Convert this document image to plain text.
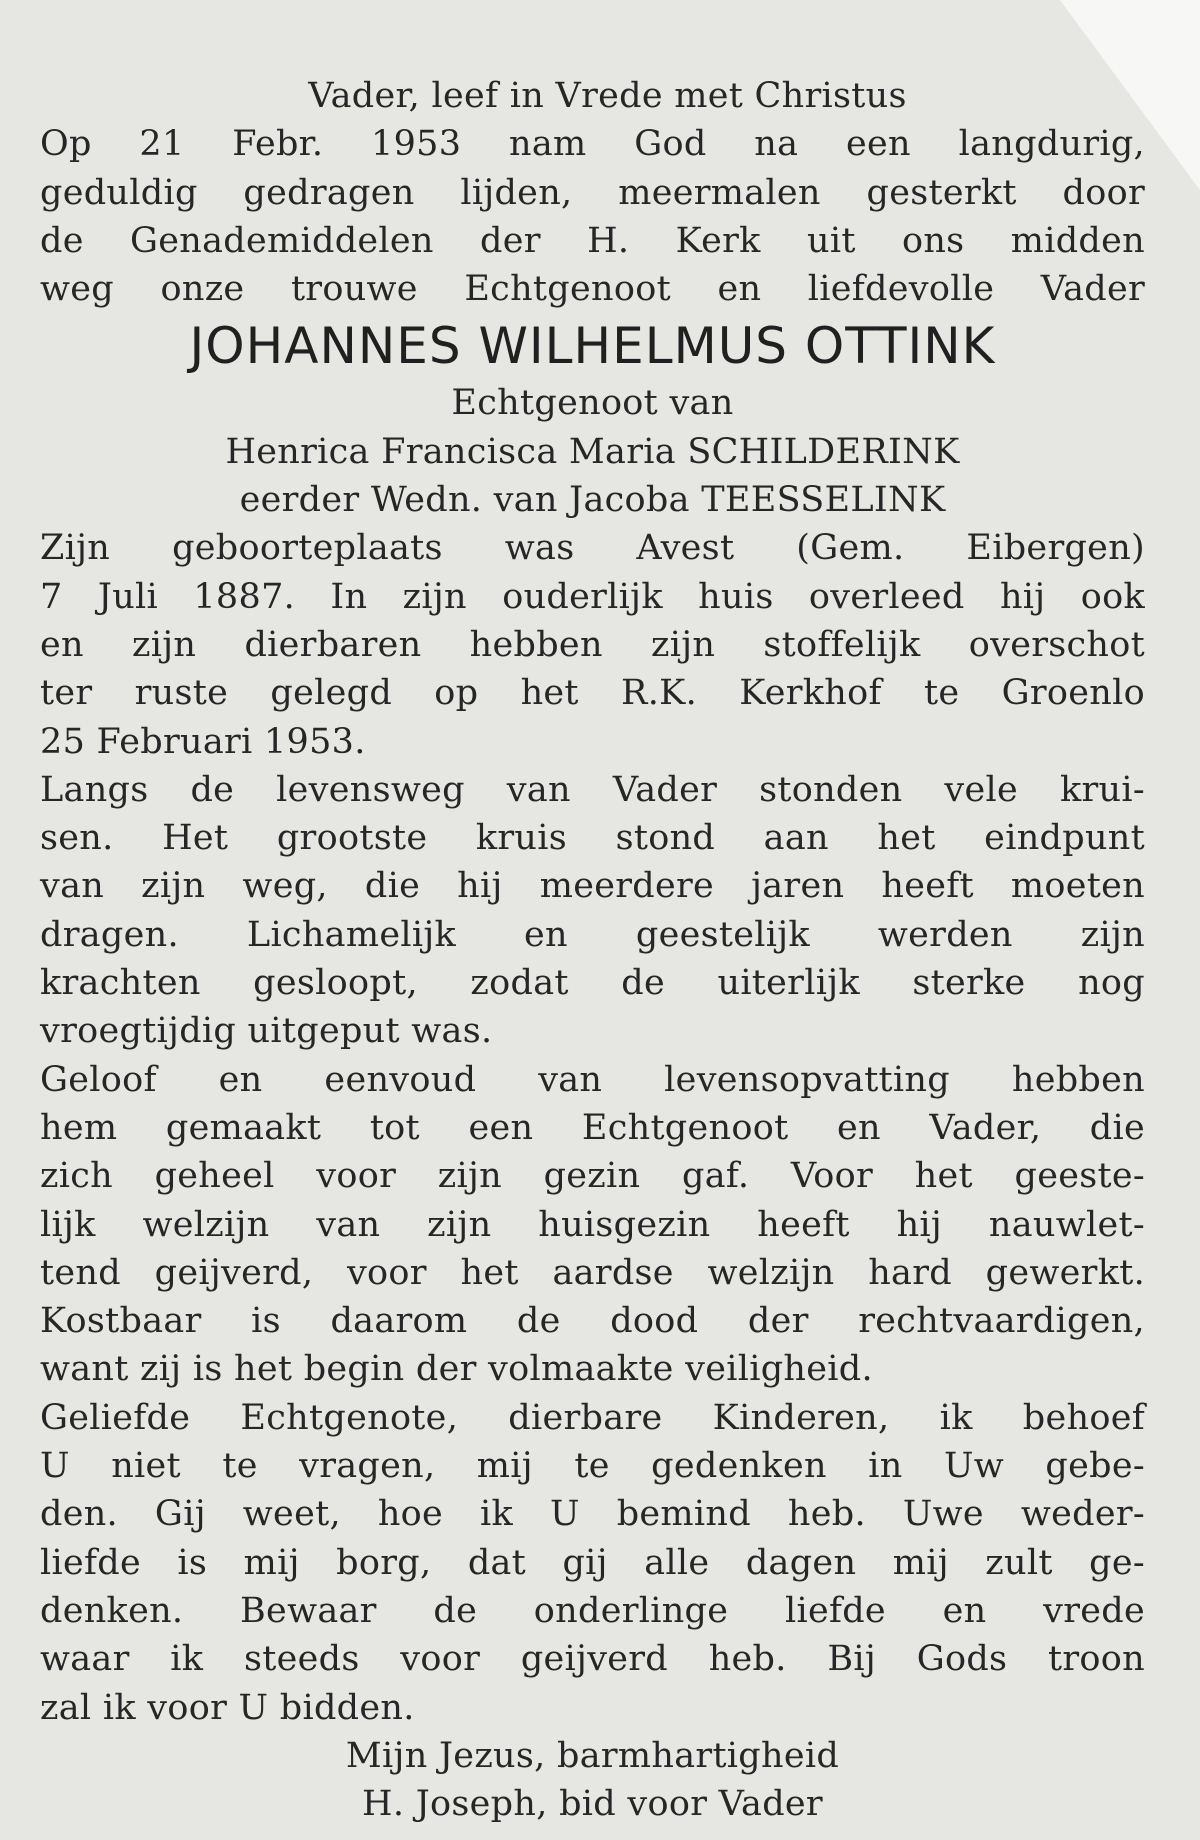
Vader, leef in Vrede met Christus
Op 21 Febr. 1953 nam God na een langdurig,
geduldig gedragen lijden, meermalen gesterkt door
de Genademiddelen der H. Kerk uit ons midden
weg onze trouwe Echtgenoot en liefdevolle Vader
JOHANNES WILHELMUS OTTINK
Echtgenoot van
Henrica Francisca Maria SCHILDERINK
eerder Wedn. van Jacoba TEESSELINK
Zijn geboorteplaats was Avest (Gem. Eibergen)
7 Juli 1887. In zijn ouderlijk huis overleed hij ook
en zijn dierbaren hebben zijn stoffelijk overschot
ter ruste gelegd op het R.K. Kerkhof te Groenlo
25 Februari 1953.
Langs de levensweg van Vader stonden vele krui-
sen. Het grootste kruis stond aan het eindpunt
van zijn weg, die hij meerdere jaren heeft moeten
dragen. Lichamelijk en geestelijk werden zijn
krachten gesloopt, zodat de uiterlijk sterke nog
vroegtijdig uitgeput was.
Geloof en eenvoud van levensopvatting hebben
hem gemaakt tot een Echtgenoot en Vader, die
zich geheel voor zijn gezin gaf. Voor het geeste-
lijk welzijn van zijn huisgezin heeft hij nauwlet-
tend geijverd, voor het aardse welzijn hard gewerkt.
Kostbaar is daarom de dood der rechtvaardigen,
want zij is het begin der volmaakte veiligheid.
Geliefde Echtgenote, dierbare Kinderen, ik behoef
U niet te vragen, mij te gedenken in Uw gebe-
den. Gij weet, hoe ik U bemind heb. Uwe weder-
liefde is mij borg, dat gij alle dagen mij zult ge-
denken. Bewaar de onderlinge liefde en vrede
waar ik steeds voor geijverd heb. Bij Gods troon
zal ik voor U bidden.
Mijn Jezus, barmhartigheid
H. Joseph, bid voor Vader
